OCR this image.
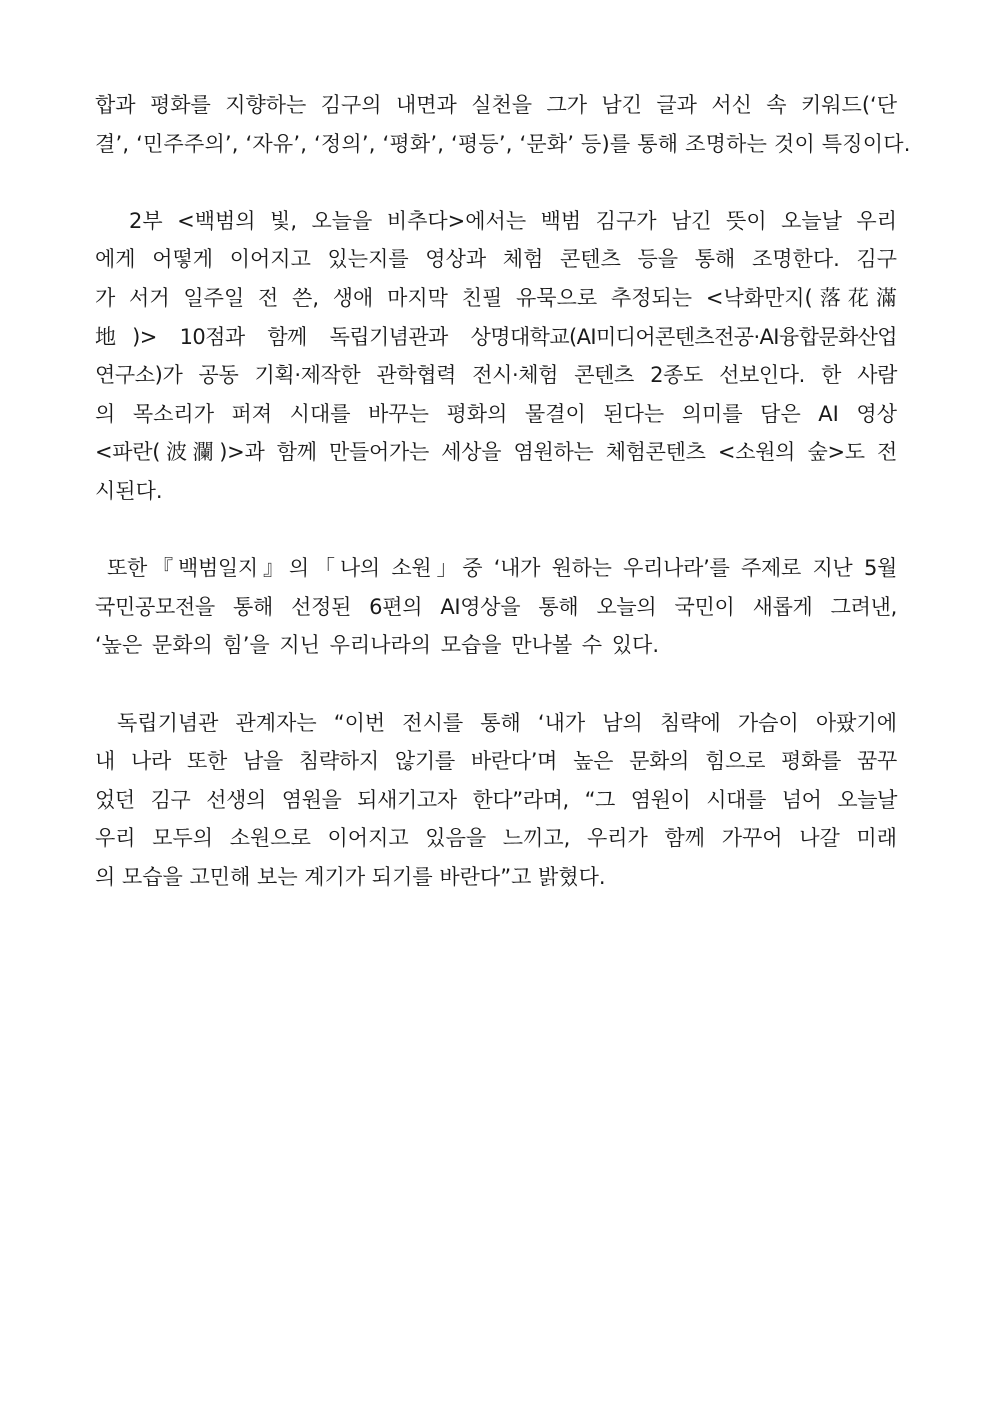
합과 평화를 지향하는 김구의 내면과 실천을 그가 남긴 글과 서신 속 키워드(‘단
결’, ‘민주주의’, ‘자유’, ‘정의’, ‘평화’, ‘평등’, ‘문화’ 등)를 통해 조명하는 것이 특징이다.
2부 <백범의 빛, 오늘을 비추다>에서는 백범 김구가 남긴 뜻이 오늘날 우리
에게 어떻게 이어지고 있는지를 영상과 체험 콘텐츠 등을 통해 조명한다. 김구
가 서거 일주일 전 쓴, 생애 마지막 친필 유묵으로 추정되는 <낙화만지(落花滿
地)> 10점과 함께 독립기념관과 상명대학교(AI미디어콘텐츠전공·AI융합문화산업
연구소)가 공동 기획·제작한 관학협력 전시·체험 콘텐츠 2종도 선보인다. 한 사람
의 목소리가 퍼져 시대를 바꾸는 평화의 물결이 된다는 의미를 담은 AI 영상
<파란(波瀾)>과 함께 만들어가는 세상을 염원하는 체험콘텐츠 <소원의 숲>도 전
시된다.
또한『백범일지』의「나의 소원」중 ‘내가 원하는 우리나라’를 주제로 지난 5월
국민공모전을 통해 선정된 6편의 AI영상을 통해 오늘의 국민이 새롭게 그려낸,
‘높은 문화의 힘’을 지닌 우리나라의 모습을 만나볼 수 있다.
독립기념관 관계자는 “이번 전시를 통해 ‘내가 남의 침략에 가슴이 아팠기에
내 나라 또한 남을 침략하지 않기를 바란다’며 높은 문화의 힘으로 평화를 꿈꾸
었던 김구 선생의 염원을 되새기고자 한다”라며, “그 염원이 시대를 넘어 오늘날
우리 모두의 소원으로 이어지고 있음을 느끼고, 우리가 함께 가꾸어 나갈 미래
의 모습을 고민해 보는 계기가 되기를 바란다”고 밝혔다.
